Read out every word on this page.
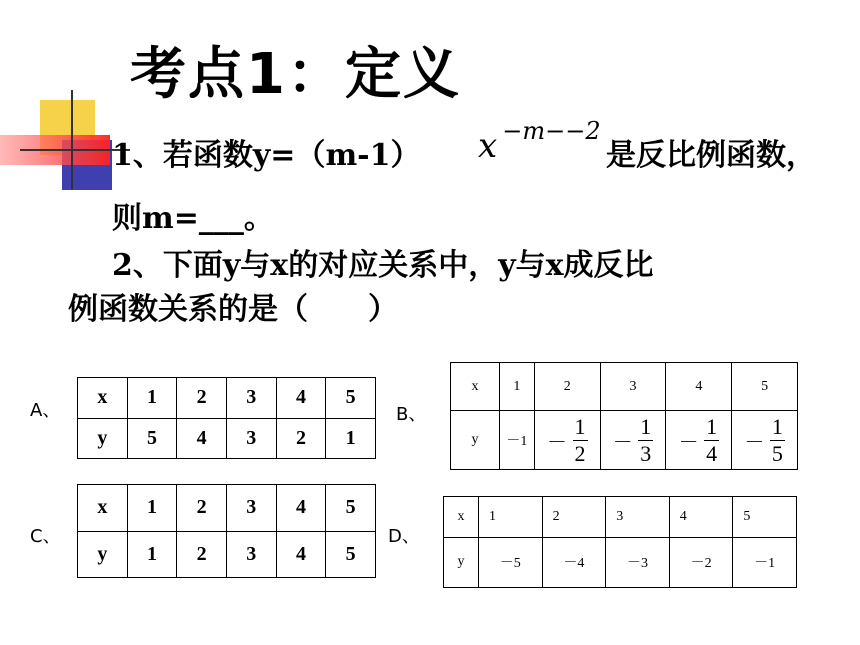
考点1：定义
1、若函数y=（m-1） x −m−−2
是反比例函数，
则m=___。
2、下面y与x的对应关系中，y与x成反比
例函数关系的是（　　）
A、
x	1	2	3	4	5
y	5	4	3	2	1
B、
x	1	2	3	4	5
y	－1	－ $\frac{1}{2}$	－ $\frac{1}{3}$	－ $\frac{1}{4}$	－ $\frac{1}{5}$
C、
x	1	2	3	4	5
y	1	2	3	4	5
D、
x	1	2	3	4	5
y	－5	－4	－3	－2	－1
